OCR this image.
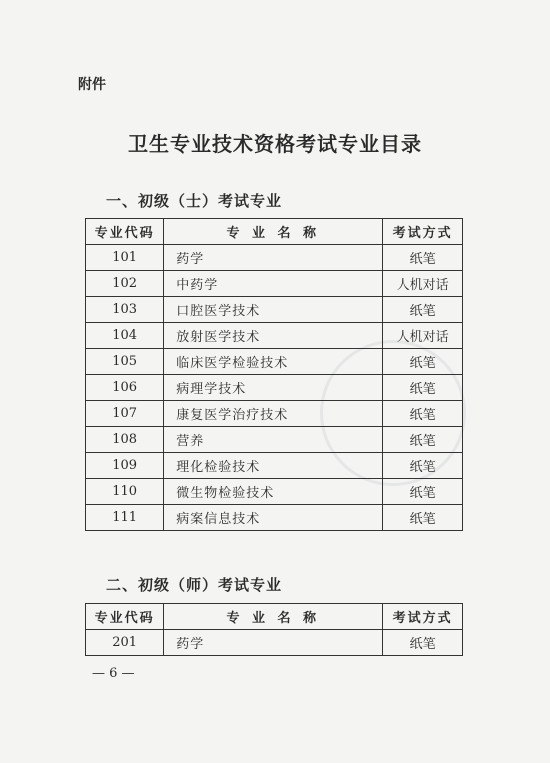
附件
卫生专业技术资格考试专业目录
一、初级（士）考试专业
专业代码	专 业 名 称	考试方式
101	药学	纸笔
102	中药学	人机对话
103	口腔医学技术	纸笔
104	放射医学技术	人机对话
105	临床医学检验技术	纸笔
106	病理学技术	纸笔
107	康复医学治疗技术	纸笔
108	营养	纸笔
109	理化检验技术	纸笔
110	微生物检验技术	纸笔
111	病案信息技术	纸笔
二、初级（师）考试专业
专业代码	专 业 名 称	考试方式
201	药学	纸笔
— 6 —
